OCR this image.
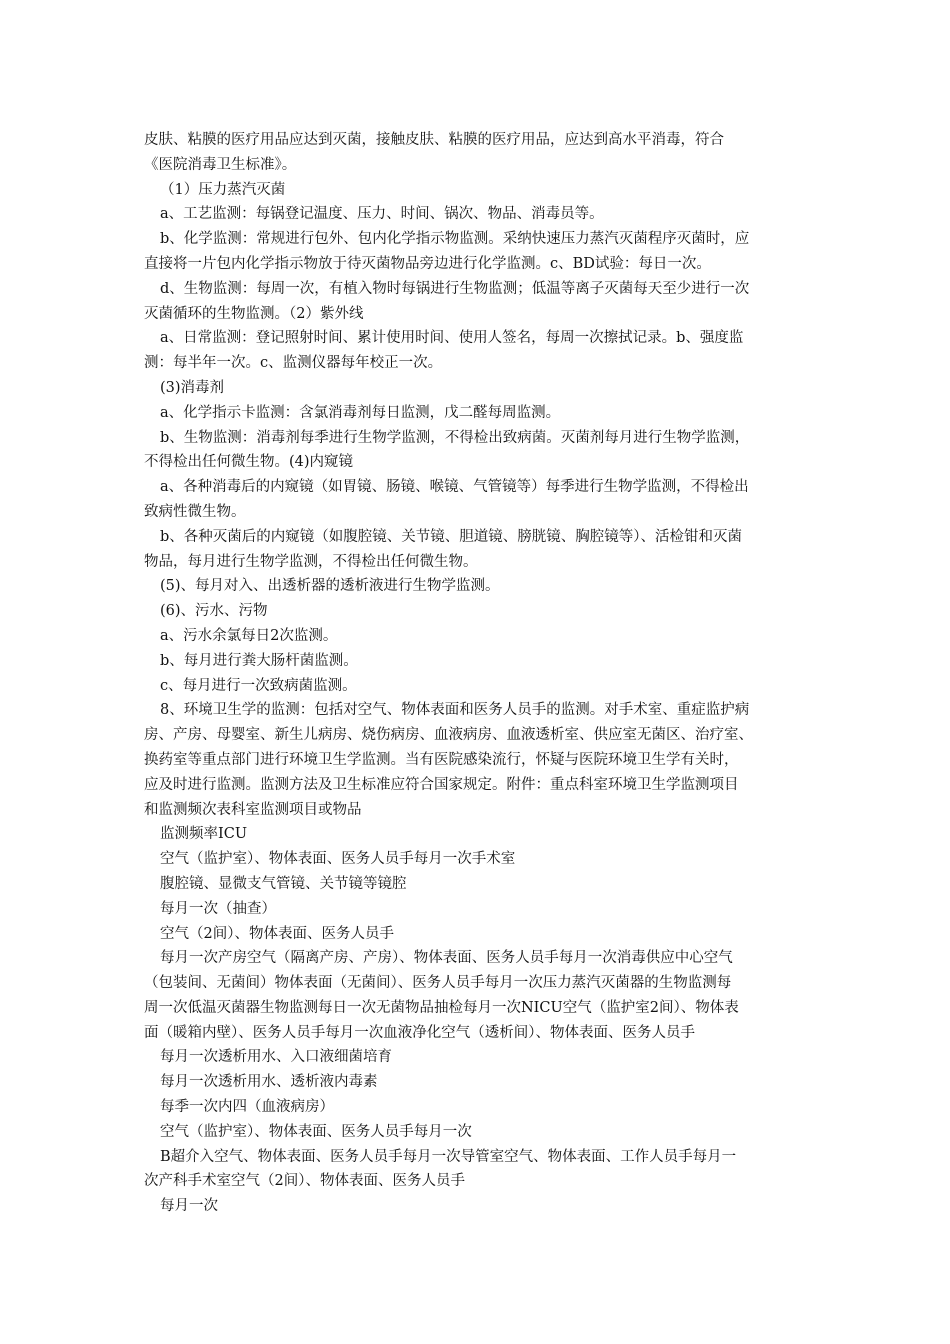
皮肤、粘膜的医疗用品应达到灭菌，接触皮肤、粘膜的医疗用品，应达到高水平消毒，符合
《医院消毒卫生标准》。
（1）压力蒸汽灭菌
a、工艺监测：每锅登记温度、压力、时间、锅次、物品、消毒员等。
b、化学监测：常规进行包外、包内化学指示物监测。采纳快速压力蒸汽灭菌程序灭菌时，应
直接将一片包内化学指示物放于待灭菌物品旁边进行化学监测。c、BD试验：每日一次。
d、生物监测：每周一次，有植入物时每锅进行生物监测；低温等离子灭菌每天至少进行一次
灭菌循环的生物监测。（2）紫外线
a、日常监测：登记照射时间、累计使用时间、使用人签名，每周一次擦拭记录。b、强度监
测：每半年一次。c、监测仪器每年校正一次。
(3)消毒剂
a、化学指示卡监测：含氯消毒剂每日监测，戊二醛每周监测。
b、生物监测：消毒剂每季进行生物学监测，不得检出致病菌。灭菌剂每月进行生物学监测，
不得检出任何微生物。(4)内窥镜
a、各种消毒后的内窥镜（如胃镜、肠镜、喉镜、气管镜等）每季进行生物学监测，不得检出
致病性微生物。
b、各种灭菌后的内窥镜（如腹腔镜、关节镜、胆道镜、膀胱镜、胸腔镜等）、活检钳和灭菌
物品，每月进行生物学监测，不得检出任何微生物。
(5)、每月对入、出透析器的透析液进行生物学监测。
(6)、污水、污物
a、污水余氯每日2次监测。
b、每月进行粪大肠杆菌监测。
c、每月进行一次致病菌监测。
8、环境卫生学的监测：包括对空气、物体表面和医务人员手的监测。对手术室、重症监护病
房、产房、母婴室、新生儿病房、烧伤病房、血液病房、血液透析室、供应室无菌区、治疗室、
换药室等重点部门进行环境卫生学监测。当有医院感染流行，怀疑与医院环境卫生学有关时，
应及时进行监测。监测方法及卫生标准应符合国家规定。附件：重点科室环境卫生学监测项目
和监测频次表科室监测项目或物品
监测频率ICU
空气（监护室）、物体表面、医务人员手每月一次手术室
腹腔镜、显微支气管镜、关节镜等镜腔
每月一次（抽查）
空气（2间）、物体表面、医务人员手
每月一次产房空气（隔离产房、产房）、物体表面、医务人员手每月一次消毒供应中心空气
（包装间、无菌间）物体表面（无菌间）、医务人员手每月一次压力蒸汽灭菌器的生物监测每
周一次低温灭菌器生物监测每日一次无菌物品抽检每月一次NICU空气（监护室2间）、物体表
面（暖箱内壁）、医务人员手每月一次血液净化空气（透析间）、物体表面、医务人员手
每月一次透析用水、入口液细菌培育
每月一次透析用水、透析液内毒素
每季一次内四（血液病房）
空气（监护室）、物体表面、医务人员手每月一次
B超介入空气、物体表面、医务人员手每月一次导管室空气、物体表面、工作人员手每月一
次产科手术室空气（2间）、物体表面、医务人员手
每月一次
